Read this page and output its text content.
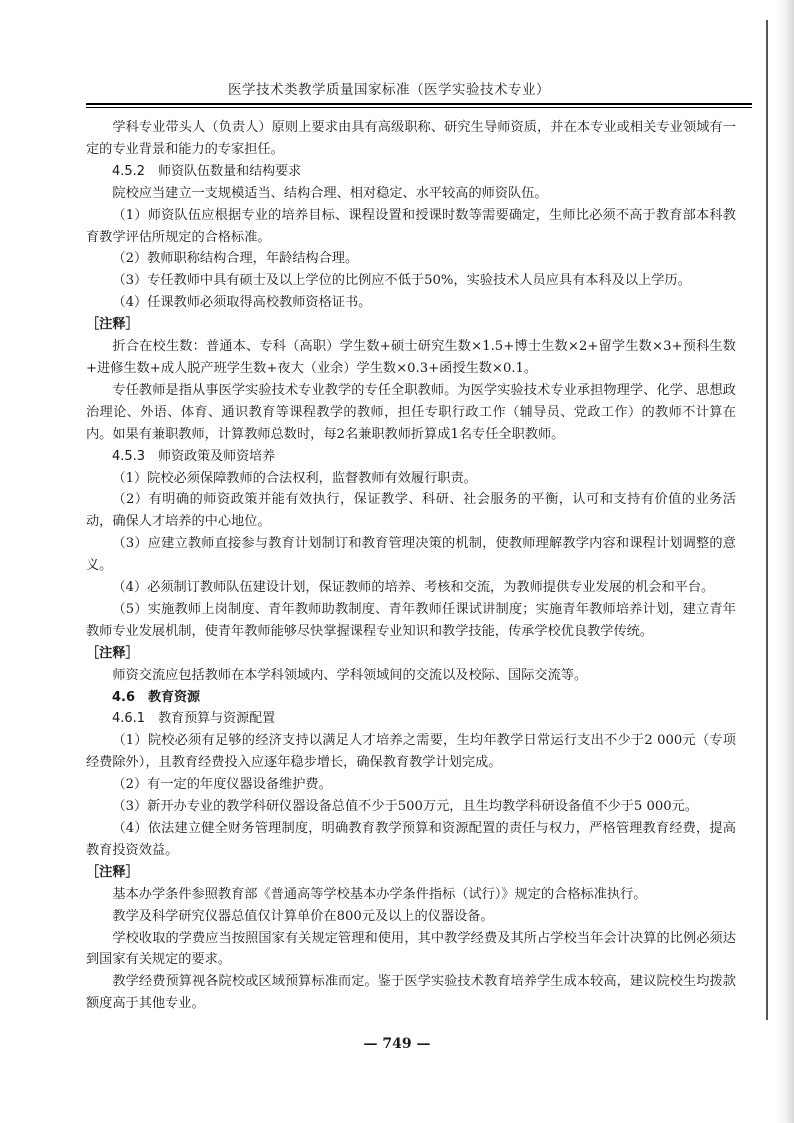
医学技术类教学质量国家标准（医学实验技术专业）

学科专业带头人（负责人）原则上要求由具有高级职称、研究生导师资质，并在本专业或相关专业领域有一定的专业背景和能力的专家担任。

4.5.2　师资队伍数量和结构要求

院校应当建立一支规模适当、结构合理、相对稳定、水平较高的师资队伍。

（1）师资队伍应根据专业的培养目标、课程设置和授课时数等需要确定，生师比必须不高于教育部本科教育教学评估所规定的合格标准。

（2）教师职称结构合理，年龄结构合理。

（3）专任教师中具有硕士及以上学位的比例应不低于50%，实验技术人员应具有本科及以上学历。

（4）任课教师必须取得高校教师资格证书。

［注释］

折合在校生数：普通本、专科（高职）学生数+硕士研究生数×1.5+博士生数×2+留学生数×3+预科生数+进修生数+成人脱产班学生数+夜大（业余）学生数×0.3+函授生数×0.1。

专任教师是指从事医学实验技术专业教学的专任全职教师。为医学实验技术专业承担物理学、化学、思想政治理论、外语、体育、通识教育等课程教学的教师，担任专职行政工作（辅导员、党政工作）的教师不计算在内。如果有兼职教师，计算教师总数时，每2名兼职教师折算成1名专任全职教师。

4.5.3　师资政策及师资培养

（1）院校必须保障教师的合法权利，监督教师有效履行职责。

（2）有明确的师资政策并能有效执行，保证教学、科研、社会服务的平衡，认可和支持有价值的业务活动，确保人才培养的中心地位。

（3）应建立教师直接参与教育计划制订和教育管理决策的机制，使教师理解教学内容和课程计划调整的意义。

（4）必须制订教师队伍建设计划，保证教师的培养、考核和交流，为教师提供专业发展的机会和平台。

（5）实施教师上岗制度、青年教师助教制度、青年教师任课试讲制度；实施青年教师培养计划，建立青年教师专业发展机制，使青年教师能够尽快掌握课程专业知识和教学技能，传承学校优良教学传统。

［注释］

师资交流应包括教师在本学科领域内、学科领域间的交流以及校际、国际交流等。

4.6　教育资源

4.6.1　教育预算与资源配置

（1）院校必须有足够的经济支持以满足人才培养之需要，生均年教学日常运行支出不少于2 000元（专项经费除外），且教育经费投入应逐年稳步增长，确保教育教学计划完成。

（2）有一定的年度仪器设备维护费。

（3）新开办专业的教学科研仪器设备总值不少于500万元，且生均教学科研设备值不少于5 000元。

（4）依法建立健全财务管理制度，明确教育教学预算和资源配置的责任与权力，严格管理教育经费，提高教育投资效益。

［注释］

基本办学条件参照教育部《普通高等学校基本办学条件指标（试行）》规定的合格标准执行。

教学及科学研究仪器总值仅计算单价在800元及以上的仪器设备。

学校收取的学费应当按照国家有关规定管理和使用，其中教学经费及其所占学校当年会计决算的比例必须达到国家有关规定的要求。

教学经费预算视各院校或区域预算标准而定。鉴于医学实验技术教育培养学生成本较高，建议院校生均拨款额度高于其他专业。

— 749 —
